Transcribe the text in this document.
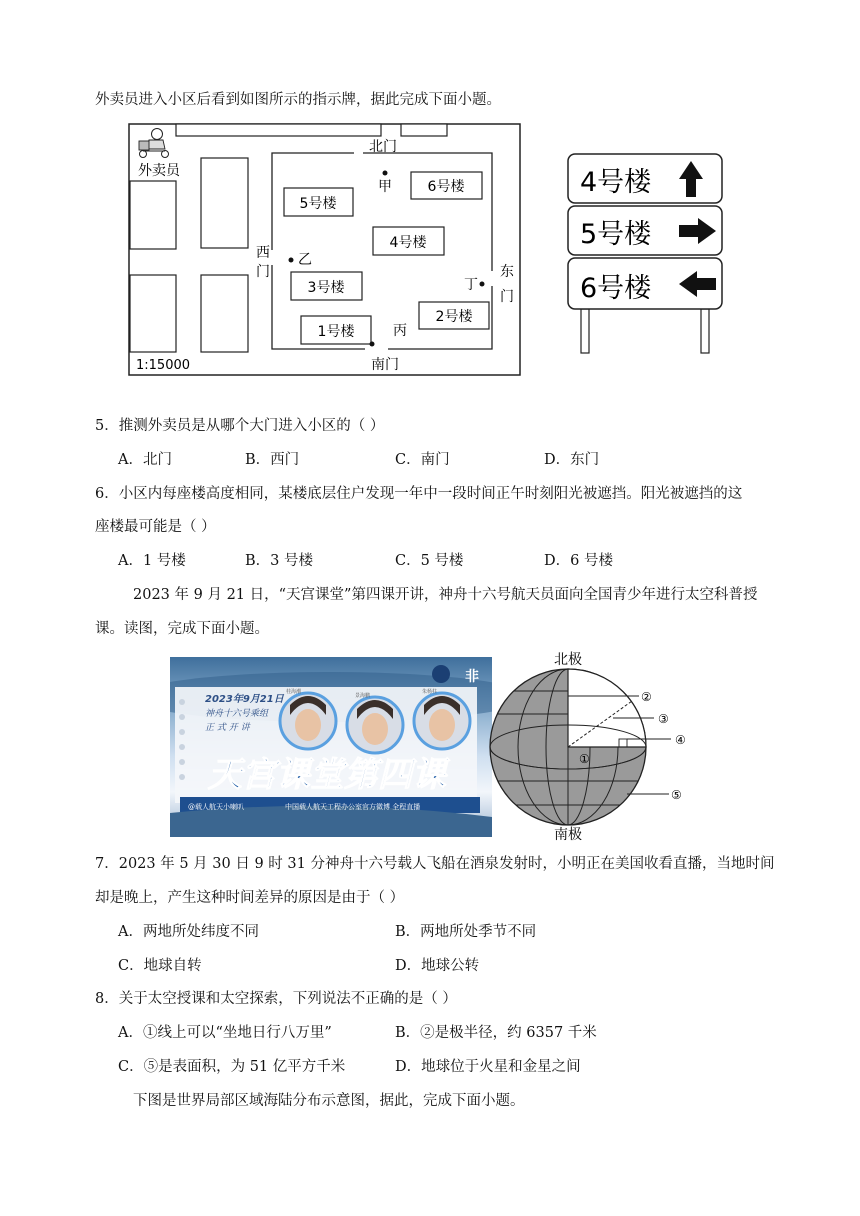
外卖员进入小区后看到如图所示的指示牌，据此完成下面小题。
5号楼
6号楼
4号楼
3号楼
1号楼
2号楼
北门
南门
西
门	东
门
甲
乙
丙
丁
外卖员
1:15000
4号楼
5号楼
6号楼
5．推测外卖员是从哪个大门进入小区的（ ）
A．北门	B．西门	C．南门	D．东门
6．小区内每座楼高度相同，某楼底层住户发现一年中一段时间正午时刻阳光被遮挡。阳光被遮挡的这
座楼最可能是（ ）
A．1 号楼	B．3 号楼	C．5 号楼	D．6 号楼
2023 年 9 月 21 日，“天宫课堂”第四课开讲，神舟十六号航天员面向全国青少年进行太空科普授
课。读图，完成下面小题。
非
2023年9月21日
神舟十六号乘组
正 式 开 讲
桂海潮
景海鹏
朱杨柱
天宫课堂第四课
@载人航天小喇叭	中国载人航天工程办公室官方微博 全程直播
北极
南极
①
②
③
④
⑤
7．2023 年 5 月 30 日 9 时 31 分神舟十六号载人飞船在酒泉发射时，小明正在美国收看直播，当地时间
却是晚上，产生这种时间差异的原因是由于（ ）
A．两地所处纬度不同	B．两地所处季节不同
C．地球自转	D．地球公转
8．关于太空授课和太空探索，下列说法不正确的是（ ）
A．①线上可以“坐地日行八万里”	B．②是极半径，约 6357 千米
C．⑤是表面积，为 51 亿平方千米	D．地球位于火星和金星之间
下图是世界局部区域海陆分布示意图，据此，完成下面小题。
